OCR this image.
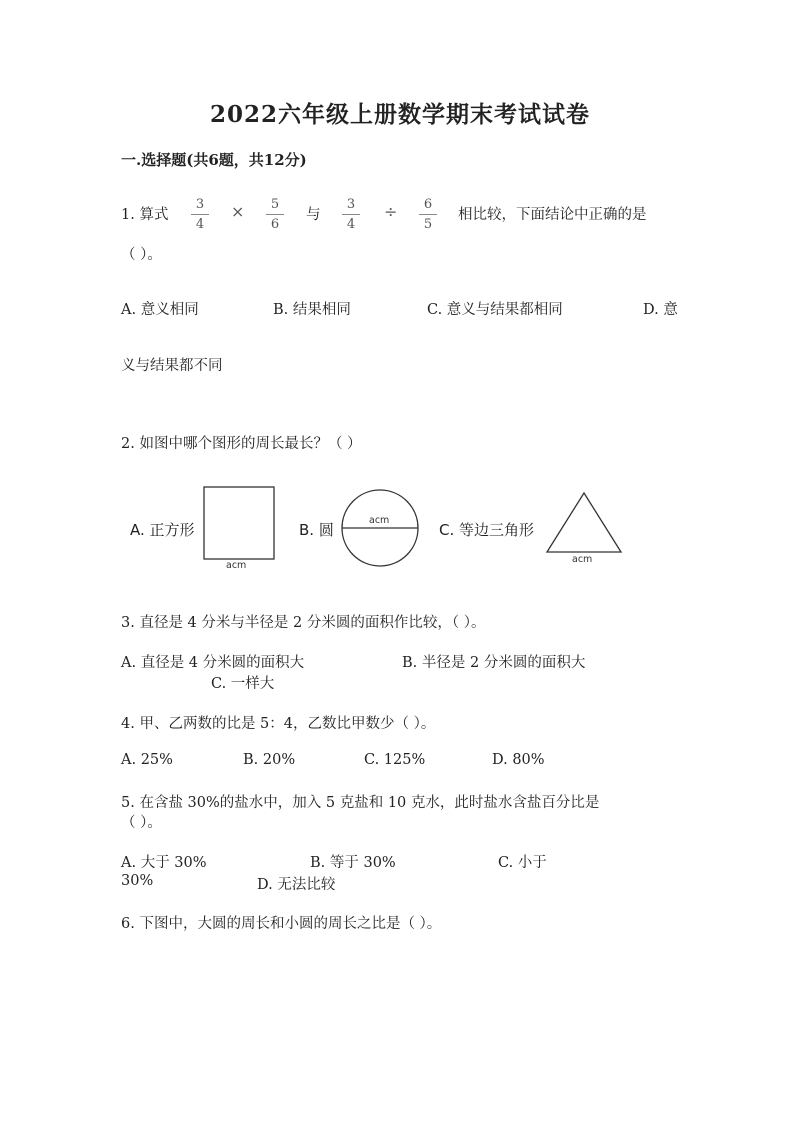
2022六年级上册数学期末考试试卷
一.选择题(共6题，共12分)
1. 算式
3
4
×	5
6
与
3
4
÷	6
5
相比较，下面结论中正确的是
（ ）。
A. 意义相同	B. 结果相同	C. 意义与结果都相同	D. 意
义与结果都不同
2. 如图中哪个图形的周长最长？（ ）
A. 正方形
acm
B. 圆
acm
C. 等边三角形
acm
3. 直径是 4 分米与半径是 2 分米圆的面积作比较，（ ）。
A. 直径是 4 分米圆的面积大	B. 半径是 2 分米圆的面积大
C. 一样大
4. 甲、乙两数的比是 5：4，乙数比甲数少（ ）。
A. 25%	B. 20%	C. 125%	D. 80%
5. 在含盐 30%的盐水中，加入 5 克盐和 10 克水，此时盐水含盐百分比是
（ ）。
A. 大于 30%	B. 等于 30%	C. 小于
30%	D. 无法比较
6. 下图中，大圆的周长和小圆的周长之比是（ ）。
